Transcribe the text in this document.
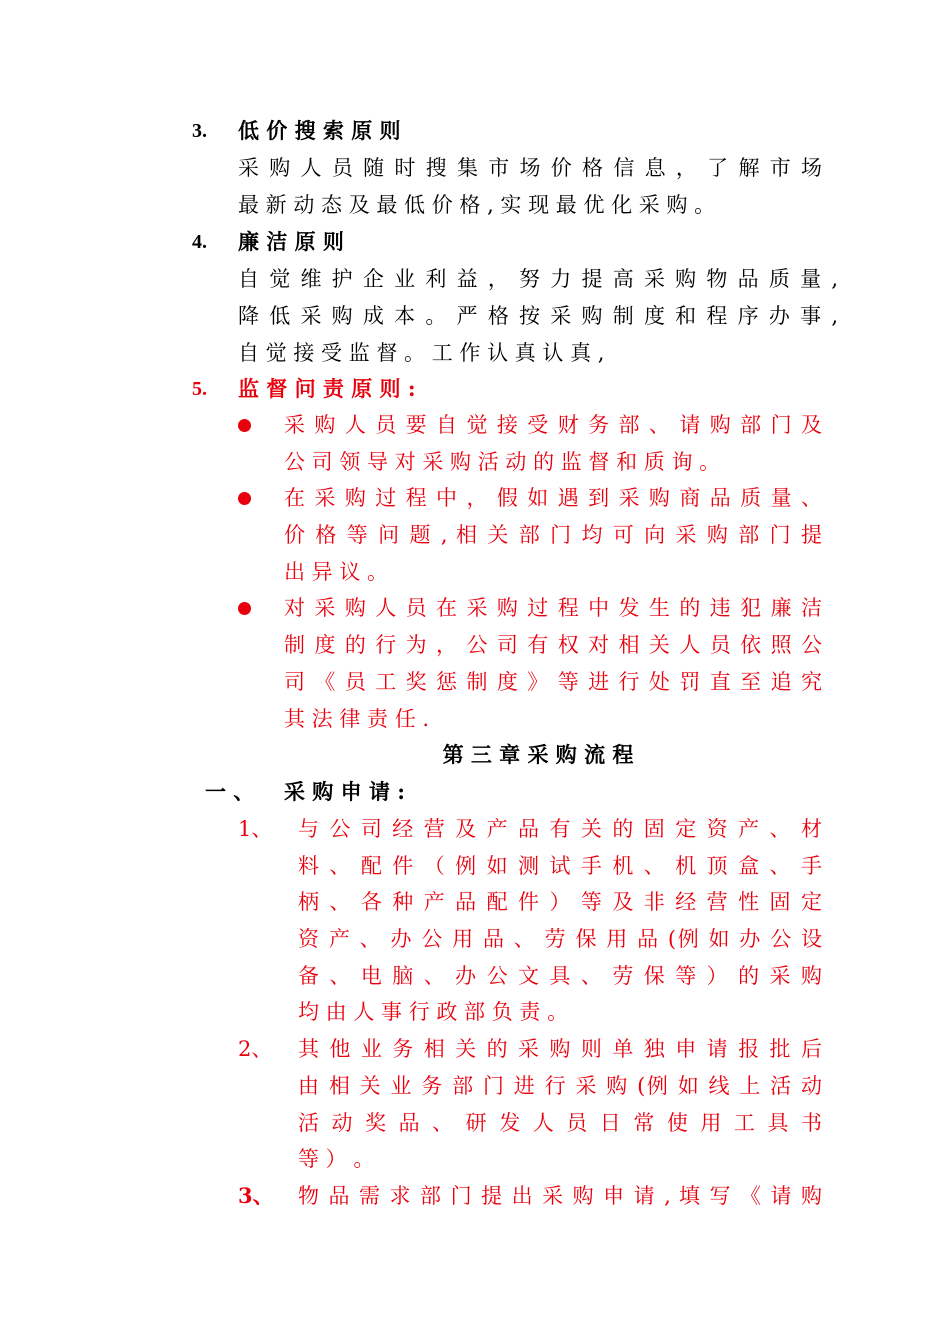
3. 低 价 搜 索 原 则
采 购 人 员 随 时 搜 集 市 场 价 格 信 息 ， 了 解 市 场
最 新 动 态 及 最 低 价 格 , 实 现 最 优 化 采 购 。
4. 廉 洁 原 则
自 觉 维 护 企 业 利 益 ， 努 力 提 高 采 购 物 品 质 量 ,
降 低 采 购 成 本 。 严 格 按 采 购 制 度 和 程 序 办 事 ,
自 觉 接 受 监 督 。 工 作 认 真 认 真 ,
5. 监 督 问 责 原 则 :
采 购 人 员 要 自 觉 接 受 财 务 部 、 请 购 部 门 及
公 司 领 导 对 采 购 活 动 的 监 督 和 质 询 。
在 采 购 过 程 中 ， 假 如 遇 到 采 购 商 品 质 量 、
价 格 等 问 题 , 相 关 部 门 均 可 向 采 购 部 门 提
出 异 议 。
对 采 购 人 员 在 采 购 过 程 中 发 生 的 违 犯 廉 洁
制 度 的 行 为 ， 公 司 有 权 对 相 关 人 员 依 照 公
司 《 员 工 奖 惩 制 度 》 等 进 行 处 罚 直 至 追 究
其 法 律 责 任 .
第 三 章 采 购 流 程
一 、 采 购 申 请 :
1、 与 公 司 经 营 及 产 品 有 关 的 固 定 资 产 、 材
料 、 配 件 （ 例 如 测 试 手 机 、 机 顶 盒 、 手
柄 、 各 种 产 品 配 件 ） 等 及 非 经 营 性 固 定
资 产 、 办 公 用 品 、 劳 保 用 品 (例 如 办 公 设
备 、 电 脑 、 办 公 文 具 、 劳 保 等 ） 的 采 购
均 由 人 事 行 政 部 负 责 。
2、 其 他 业 务 相 关 的 采 购 则 单 独 申 请 报 批 后
由 相 关 业 务 部 门 进 行 采 购 (例 如 线 上 活 动
活 动 奖 品 、 研 发 人 员 日 常 使 用 工 具 书
等 ） 。
3、 物 品 需 求 部 门 提 出 采 购 申 请 , 填 写 《 请 购
